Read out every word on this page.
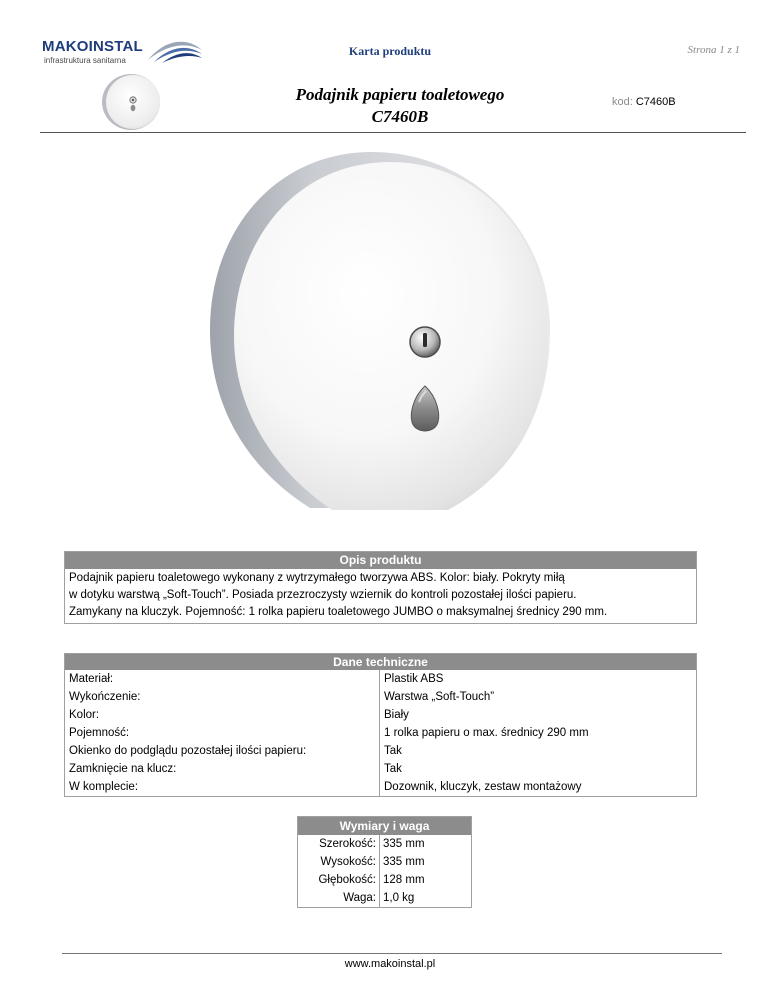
MAKOINSTAL
infrastruktura sanitarna
Karta produktu	Strona 1 z 1
Podajnik papieru toaletowego
C7460B
kod: C7460B
Opis produktu
Podajnik papieru toaletowego wykonany z wytrzymałego tworzywa ABS. Kolor: biały. Pokryty miłą
w dotyku warstwą „Soft-Touch”. Posiada przezroczysty wziernik do kontroli pozostałej ilości papieru.
Zamykany na kluczyk. Pojemność: 1 rolka papieru toaletowego JUMBO o maksymalnej średnicy 290 mm.
Dane techniczne
Materiał:	Plastik ABS
Wykończenie:	Warstwa „Soft-Touch”
Kolor:	Biały
Pojemność:	1 rolka papieru o max. średnicy 290 mm
Okienko do podglądu pozostałej ilości papieru:	Tak
Zamknięcie na klucz:	Tak
W komplecie:	Dozownik, kluczyk, zestaw montażowy
Wymiary i waga
Szerokość:	335 mm
Wysokość:	335 mm
Głębokość:	128 mm
Waga:	1,0 kg
www.makoinstal.pl
